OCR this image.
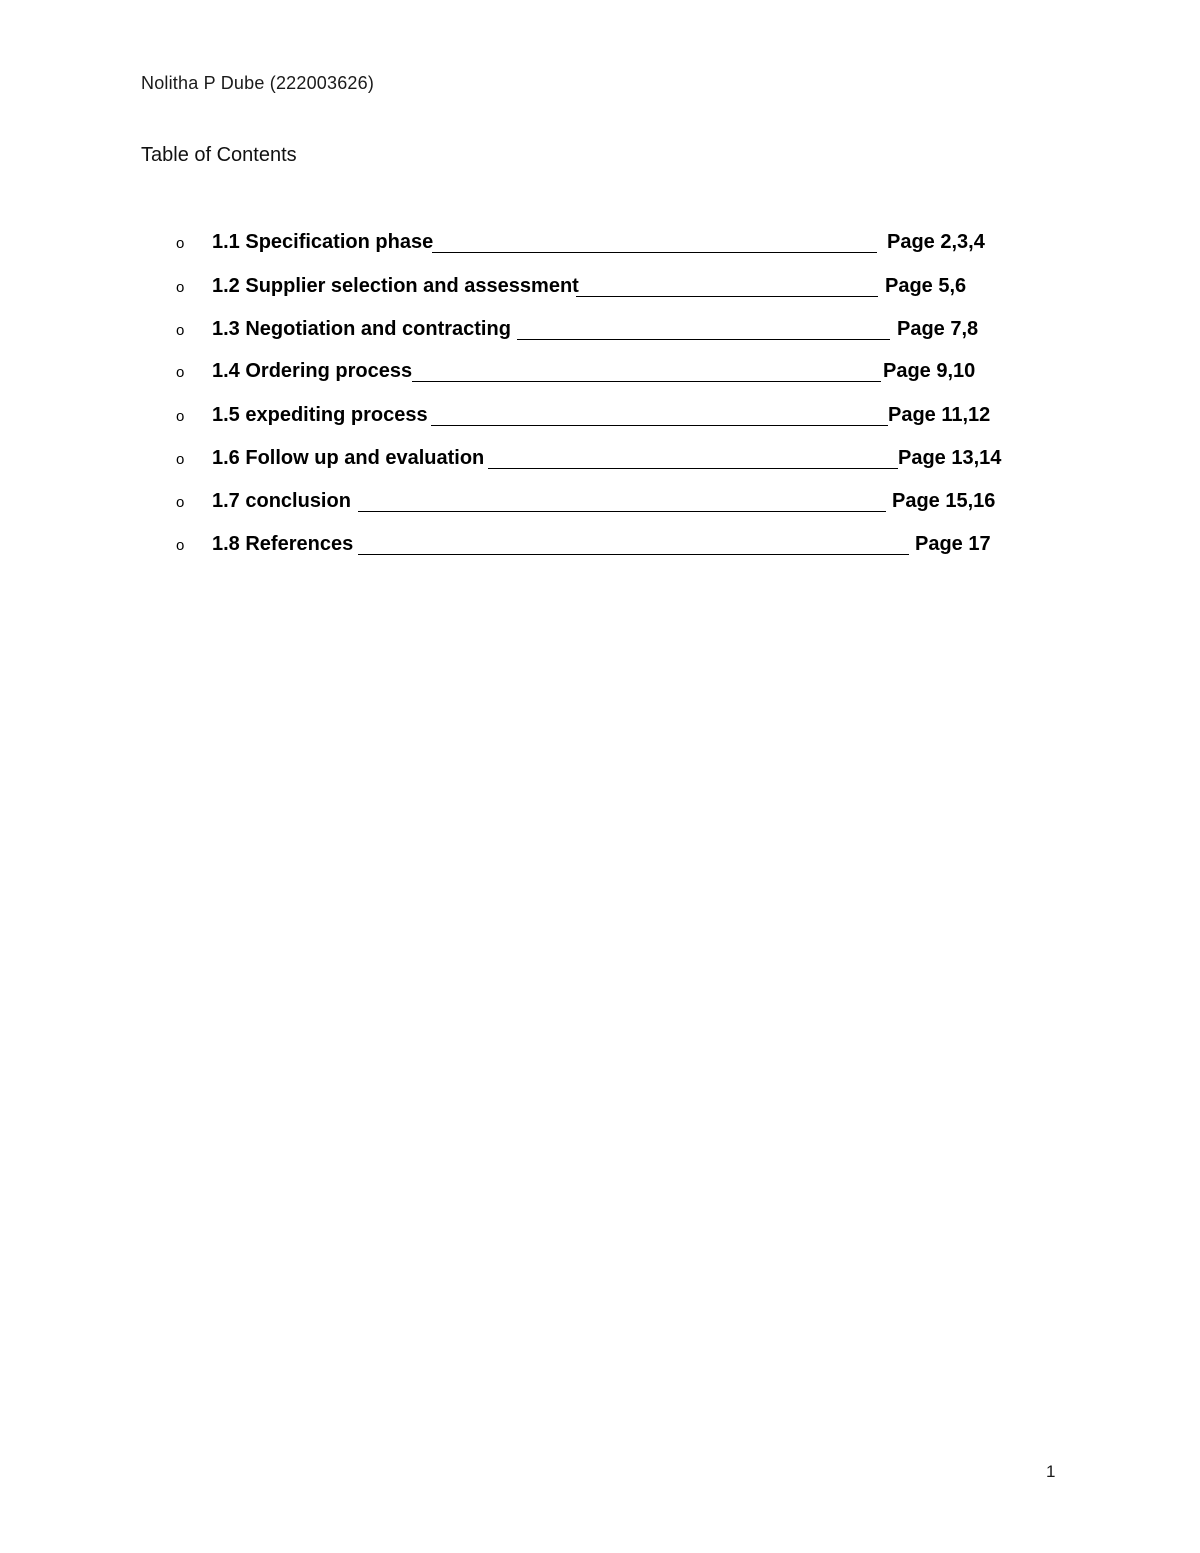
Nolitha P Dube (222003626)
Table of Contents
o 1.1 Specification phase	Page 2,3,4
o 1.2 Supplier selection and assessment	Page 5,6
o 1.3 Negotiation and contracting	Page 7,8
o 1.4 Ordering process	Page 9,10
o 1.5 expediting process	Page 11,12
o 1.6 Follow up and evaluation	Page 13,14
o 1.7 conclusion	Page 15,16
o 1.8 References	Page 17
1
